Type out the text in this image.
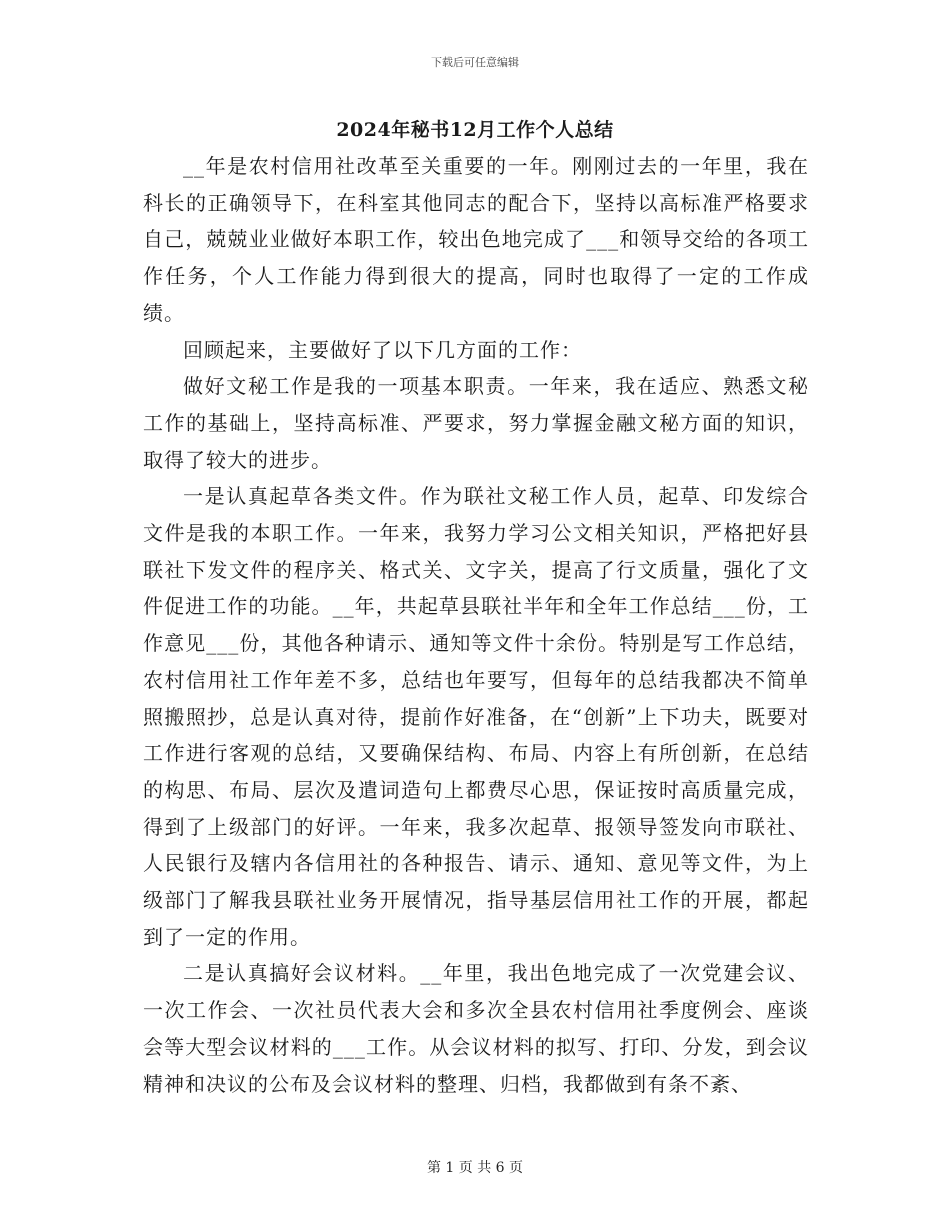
下载后可任意编辑
2024年秘书12月工作个人总结

__年是农村信用社改革至关重要的一年。刚刚过去的一年里，我在科长的正确领导下，在科室其他同志的配合下，坚持以高标准严格要求自己，兢兢业业做好本职工作，较出色地完成了___和领导交给的各项工作任务，个人工作能力得到很大的提高，同时也取得了一定的工作成绩。

回顾起来，主要做好了以下几方面的工作：

做好文秘工作是我的一项基本职责。一年来，我在适应、熟悉文秘工作的基础上，坚持高标准、严要求，努力掌握金融文秘方面的知识，取得了较大的进步。

一是认真起草各类文件。作为联社文秘工作人员，起草、印发综合文件是我的本职工作。一年来，我努力学习公文相关知识，严格把好县联社下发文件的程序关、格式关、文字关，提高了行文质量，强化了文件促进工作的功能。__年，共起草县联社半年和全年工作总结___份，工作意见___份，其他各种请示、通知等文件十余份。特别是写工作总结，农村信用社工作年差不多，总结也年要写，但每年的总结我都决不简单照搬照抄，总是认真对待，提前作好准备，在“创新”上下功夫，既要对工作进行客观的总结，又要确保结构、布局、内容上有所创新，在总结的构思、布局、层次及遣词造句上都费尽心思，保证按时高质量完成，得到了上级部门的好评。一年来，我多次起草、报领导签发向市联社、人民银行及辖内各信用社的各种报告、请示、通知、意见等文件，为上级部门了解我县联社业务开展情况，指导基层信用社工作的开展，都起到了一定的作用。

二是认真搞好会议材料。__年里，我出色地完成了一次党建会议、一次工作会、一次社员代表大会和多次全县农村信用社季度例会、座谈会等大型会议材料的___工作。从会议材料的拟写、打印、分发，到会议精神和决议的公布及会议材料的整理、归档，我都做到有条不紊、

第 1 页 共 6 页
